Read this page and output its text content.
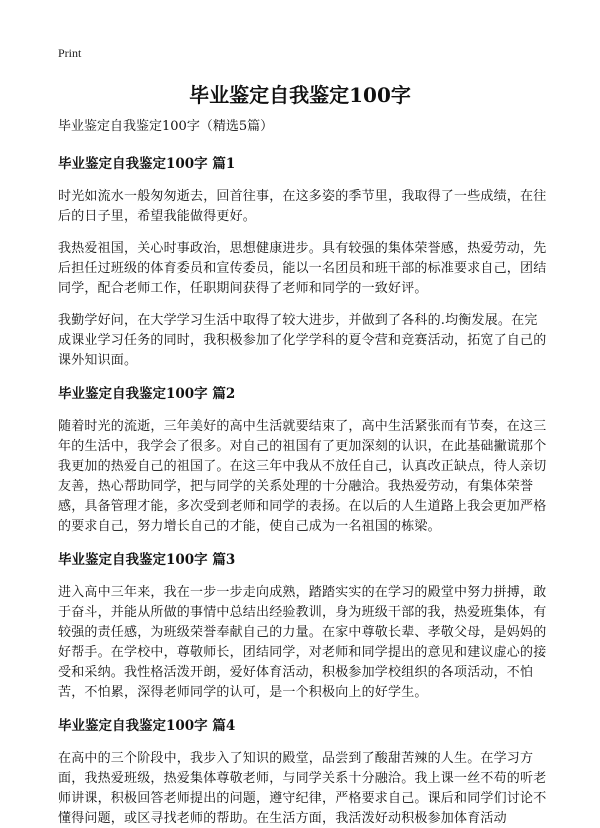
Print
毕业鉴定自我鉴定100字

毕业鉴定自我鉴定100字（精选5篇）

毕业鉴定自我鉴定100字 篇1

时光如流水一般匆匆逝去，回首往事，在这多姿的季节里，我取得了一些成绩，在往后的日子里，希望我能做得更好。

我热爱祖国，关心时事政治，思想健康进步。具有较强的集体荣誉感，热爱劳动，先后担任过班级的体育委员和宣传委员，能以一名团员和班干部的标准要求自己，团结同学，配合老师工作，任职期间获得了老师和同学的一致好评。

我勤学好问，在大学学习生活中取得了较大进步，并做到了各科的.均衡发展。在完成课业学习任务的同时，我积极参加了化学学科的夏令营和竞赛活动，拓宽了自己的课外知识面。

毕业鉴定自我鉴定100字 篇2

随着时光的流逝，三年美好的高中生活就要结束了，高中生活紧张而有节奏，在这三年的生活中，我学会了很多。对自己的祖国有了更加深刻的认识，在此基础撇谎那个我更加的热爱自己的祖国了。在这三年中我从不放任自己，认真改正缺点，待人亲切友善，热心帮助同学，把与同学的关系处理的十分融洽。我热爱劳动，有集体荣誉感，具备管理才能，多次受到老师和同学的表扬。在以后的人生道路上我会更加严格的要求自己，努力增长自己的才能，使自己成为一名祖国的栋梁。

毕业鉴定自我鉴定100字 篇3

进入高中三年来，我在一步一步走向成熟，踏踏实实的在学习的殿堂中努力拼搏，敢于奋斗，并能从所做的事情中总结出经验教训，身为班级干部的我，热爱班集体，有较强的责任感，为班级荣誉奉献自己的力量。在家中尊敬长辈、孝敬父母，是妈妈的好帮手。在学校中，尊敬师长，团结同学，对老师和同学提出的意见和建议虚心的接受和采纳。我性格活泼开朗，爱好体育活动，积极参加学校组织的各项活动，不怕苦，不怕累，深得老师同学的认可，是一个积极向上的好学生。

毕业鉴定自我鉴定100字 篇4

在高中的三个阶段中，我步入了知识的殿堂，品尝到了酸甜苦辣的人生。在学习方面，我热爱班级，热爱集体尊敬老师，与同学关系十分融洽。我上课一丝不苟的听老师讲课，积极回答老师提出的问题，遵守纪律，严格要求自己。课后和同学们讨论不懂得问题，或区寻找老师的帮助。在生活方面，我活泼好动积极参加体育活动
